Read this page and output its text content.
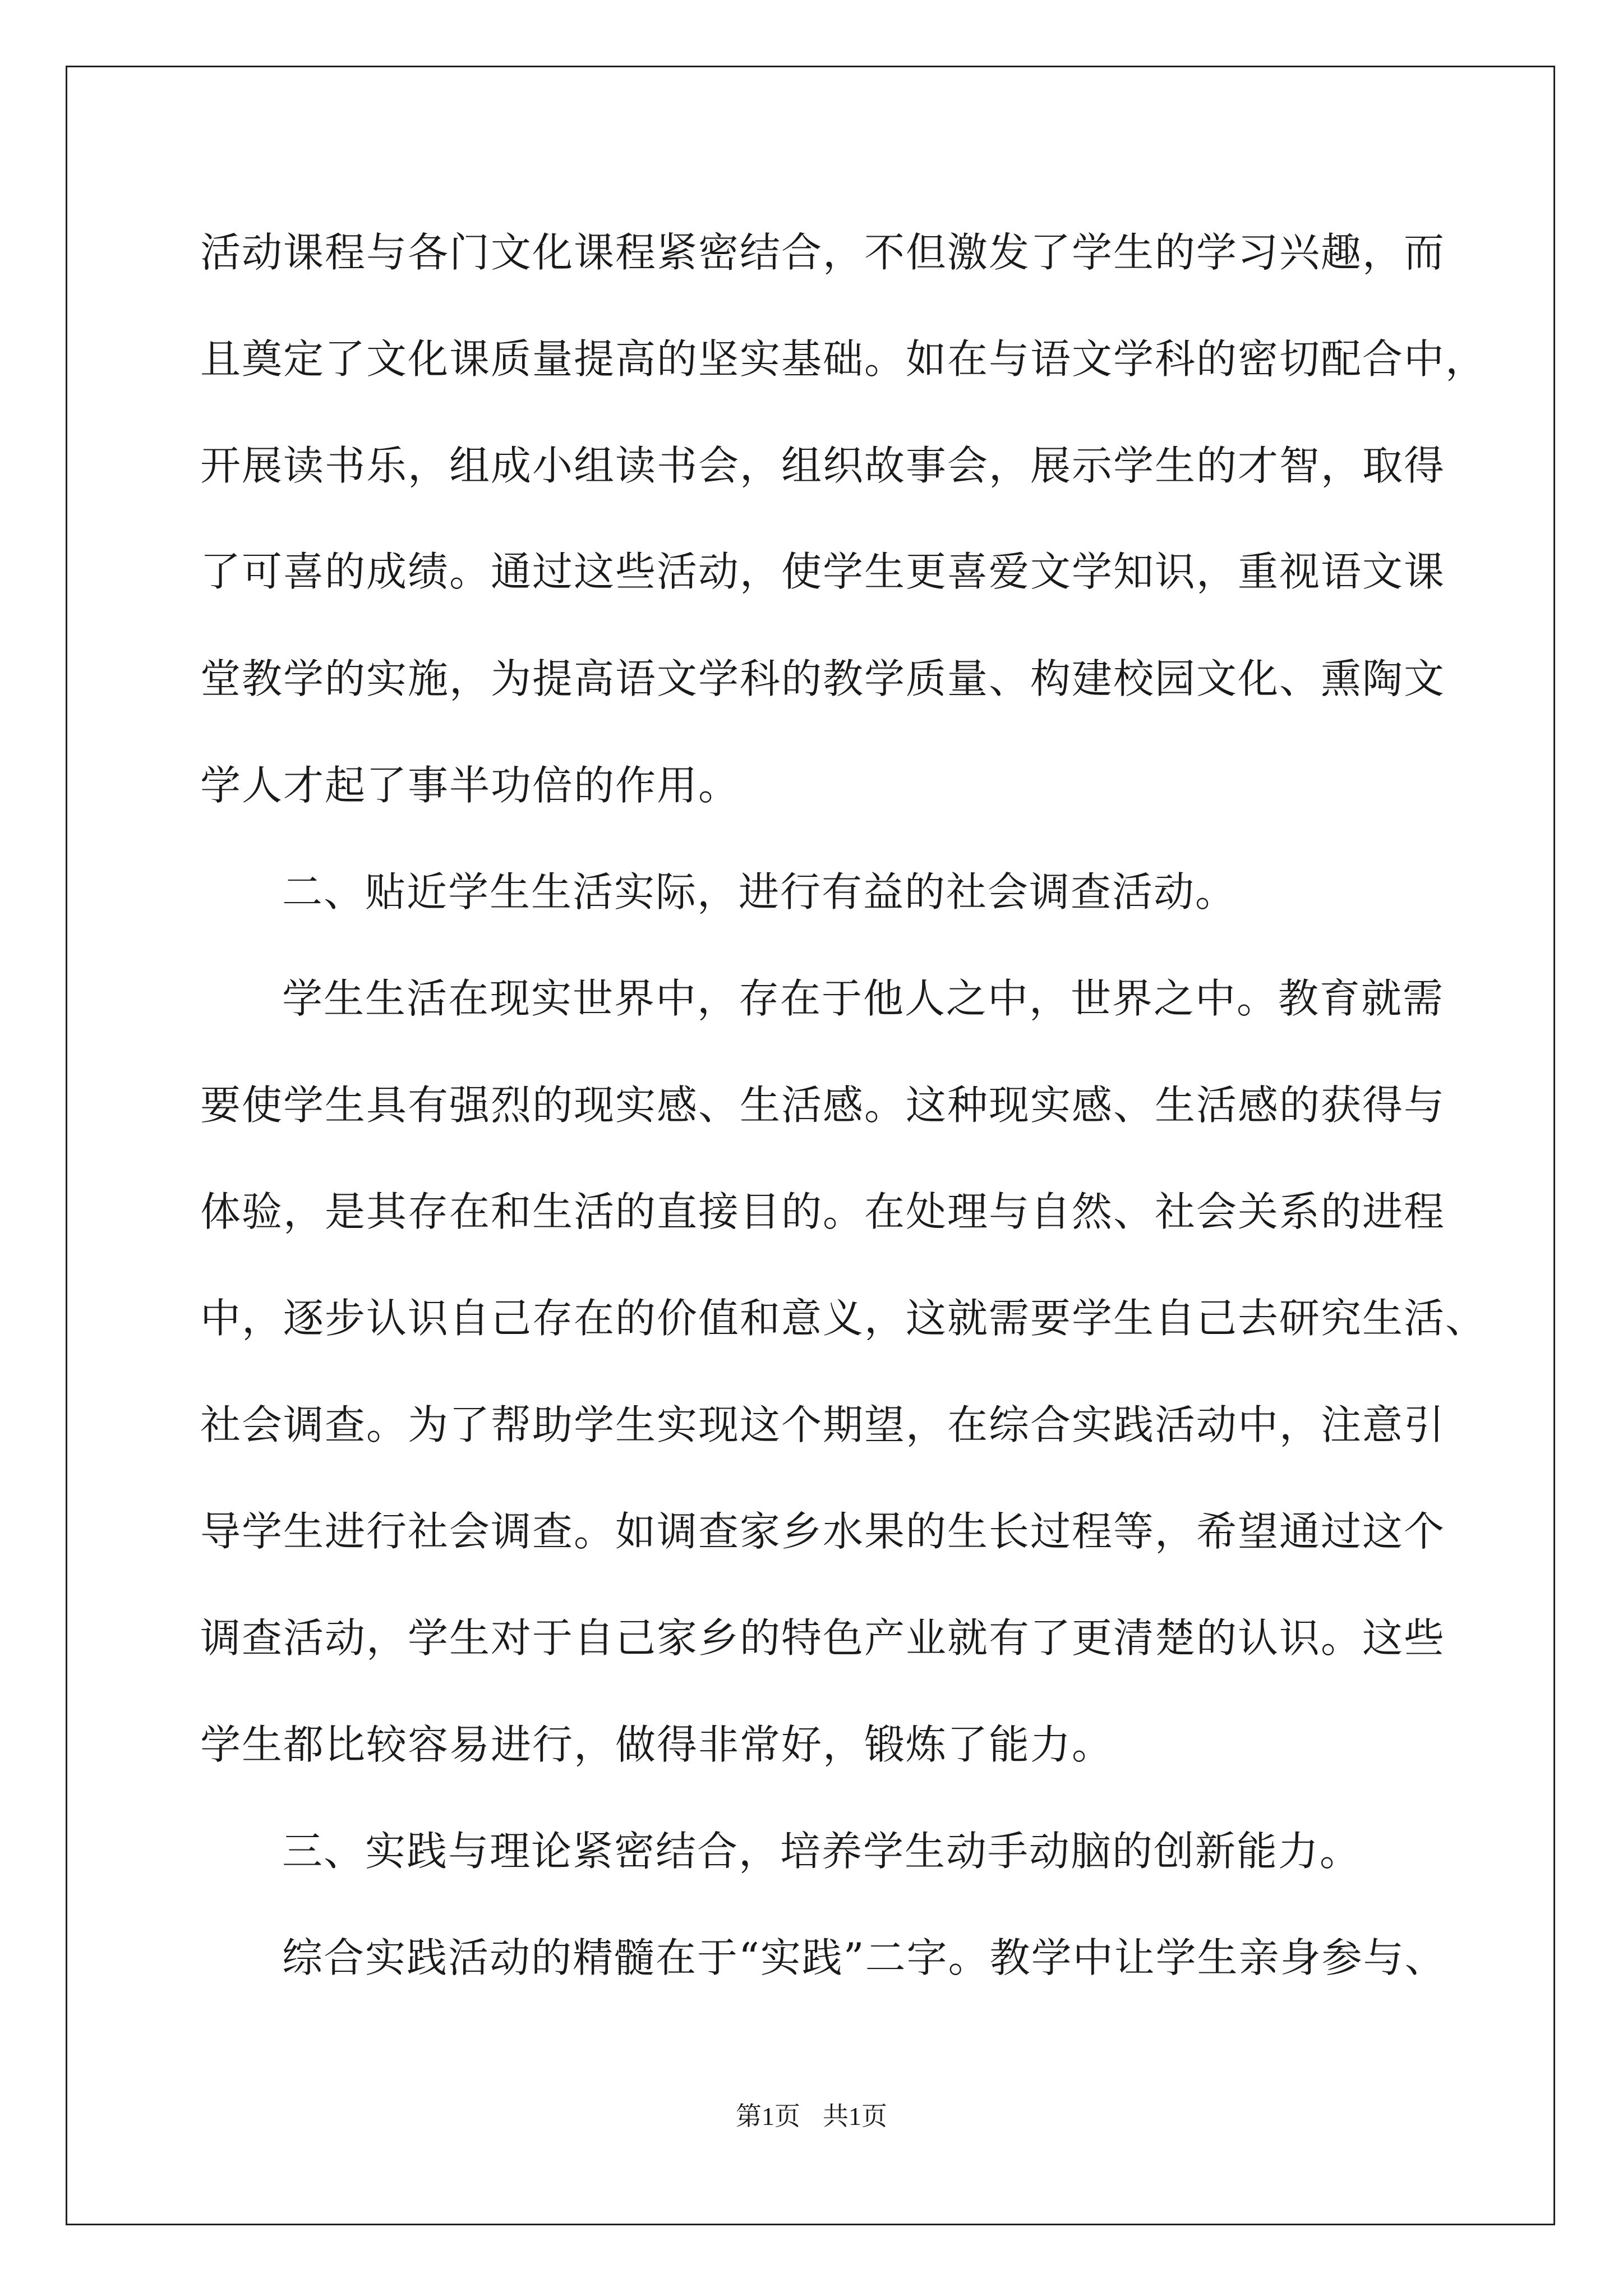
活动课程与各门文化课程紧密结合，不但激发了学生的学习兴趣，而
且奠定了文化课质量提高的坚实基础。如在与语文学科的密切配合中，
开展读书乐，组成小组读书会，组织故事会，展示学生的才智，取得
了可喜的成绩。通过这些活动，使学生更喜爱文学知识，重视语文课
堂教学的实施，为提高语文学科的教学质量、构建校园文化、熏陶文
学人才起了事半功倍的作用。
二、贴近学生生活实际，进行有益的社会调查活动。
学生生活在现实世界中，存在于他人之中，世界之中。教育就需
要使学生具有强烈的现实感、生活感。这种现实感、生活感的获得与
体验，是其存在和生活的直接目的。在处理与自然、社会关系的进程
中，逐步认识自己存在的价值和意义，这就需要学生自己去研究生活、
社会调查。为了帮助学生实现这个期望，在综合实践活动中，注意引
导学生进行社会调查。如调查家乡水果的生长过程等，希望通过这个
调查活动，学生对于自己家乡的特色产业就有了更清楚的认识。这些
学生都比较容易进行，做得非常好，锻炼了能力。
三、实践与理论紧密结合，培养学生动手动脑的创新能力。
综合实践活动的精髓在于“实践”二字。教学中让学生亲身参与、
第1页 共1页
